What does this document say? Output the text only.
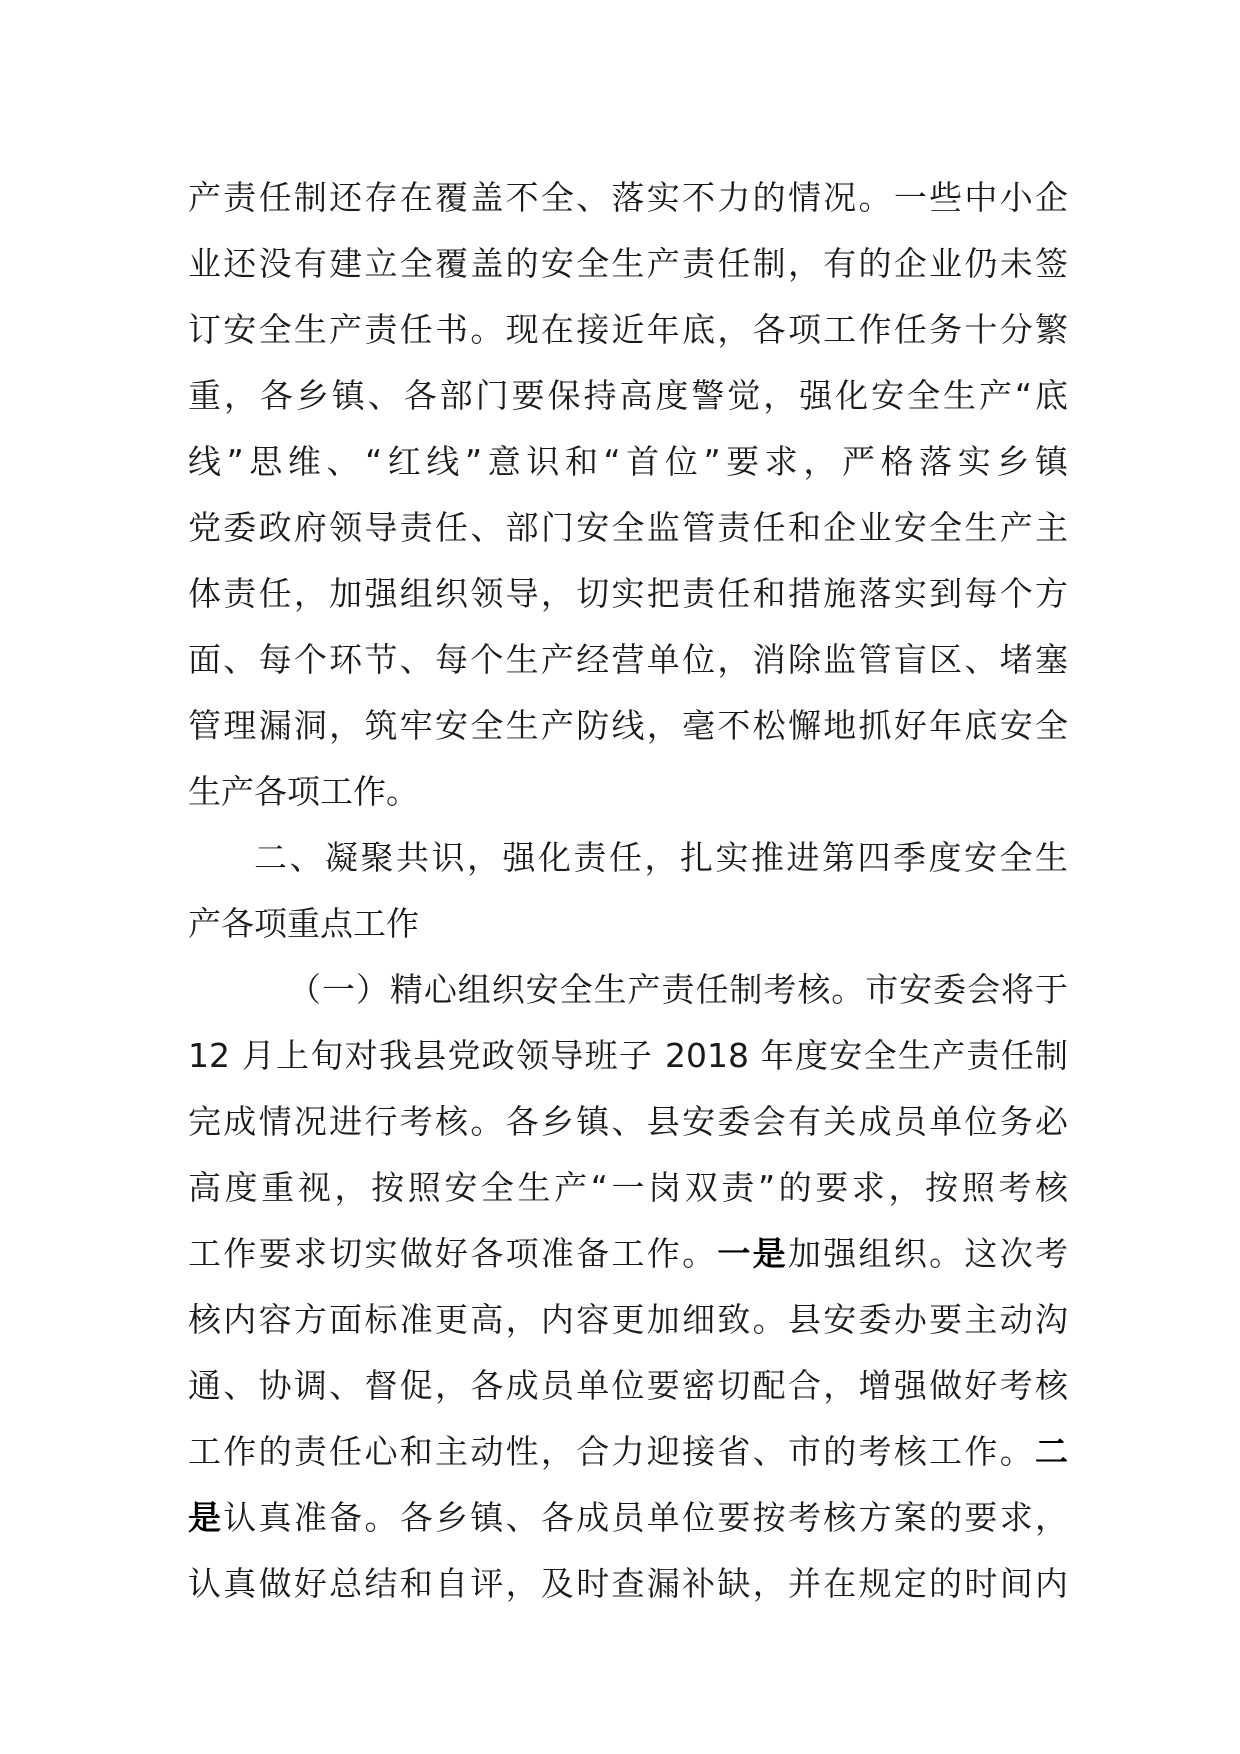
产责任制还存在覆盖不全、落实不力的情况。一些中小企
业还没有建立全覆盖的安全生产责任制，有的企业仍未签
订安全生产责任书。现在接近年底，各项工作任务十分繁
重，各乡镇、各部门要保持高度警觉，强化安全生产“底
线”思维、“红线”意识和“首位”要求，严格落实乡镇
党委政府领导责任、部门安全监管责任和企业安全生产主
体责任，加强组织领导，切实把责任和措施落实到每个方
面、每个环节、每个生产经营单位，消除监管盲区、堵塞
管理漏洞，筑牢安全生产防线，毫不松懈地抓好年底安全
生产各项工作。
二、凝聚共识，强化责任，扎实推进第四季度安全生
产各项重点工作
（一）精心组织安全生产责任制考核。市安委会将于
12 月上旬对我县党政领导班子 2018 年度安全生产责任制
完成情况进行考核。各乡镇、县安委会有关成员单位务必
高度重视，按照安全生产“一岗双责”的要求，按照考核
工作要求切实做好各项准备工作。一是加强组织。这次考
核内容方面标准更高，内容更加细致。县安委办要主动沟
通、协调、督促，各成员单位要密切配合，增强做好考核
工作的责任心和主动性，合力迎接省、市的考核工作。二
是认真准备。各乡镇、各成员单位要按考核方案的要求，
认真做好总结和自评，及时查漏补缺，并在规定的时间内
